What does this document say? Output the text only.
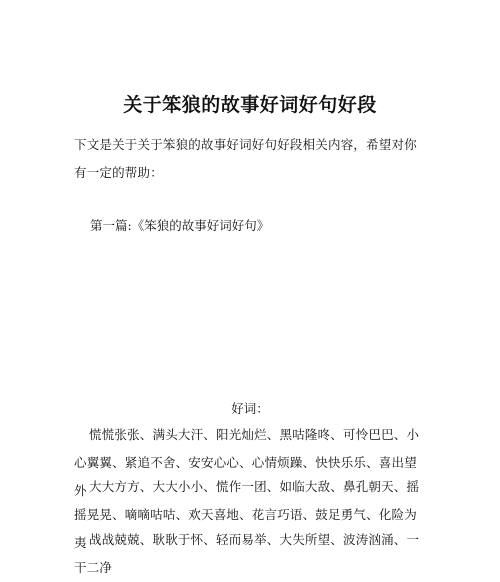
关于笨狼的故事好词好句好段
下文是关于关于笨狼的故事好词好句好段相关内容，希望对你有一定的帮助：
第一篇:《笨狼的故事好词好句》
好词：
慌慌张张、满头大汗、阳光灿烂、黑咕隆咚、可怜巴巴、小心翼翼、紧追不舍、安安心心、心情烦躁、快快乐乐、喜出望外 大大方方、大大小小、慌作一团、如临大敌、鼻孔朝天、摇摇晃晃、嘀嘀咕咕、欢天喜地、花言巧语、鼓足勇气、化险为夷 战战兢兢、耿耿于怀、轻而易举、大失所望、波涛汹涌、一干二净
